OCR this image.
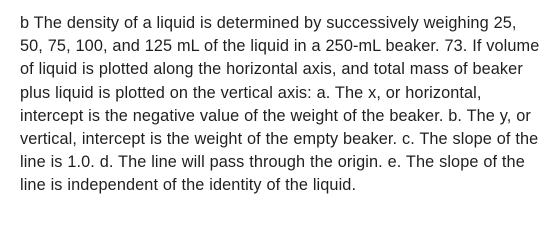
b The density of a liquid is determined by successively weighing 25, 50, 75, 100, and 125 mL of the liquid in a 250-mL beaker. 73. If volume of liquid is plotted along the horizontal axis, and total mass of beaker plus liquid is plotted on the vertical axis: a. The x, or horizontal, intercept is the negative value of the weight of the beaker. b. The y, or vertical, intercept is the weight of the empty beaker. c. The slope of the line is 1.0. d. The line will pass through the origin. e. The slope of the line is independent of the identity of the liquid.
